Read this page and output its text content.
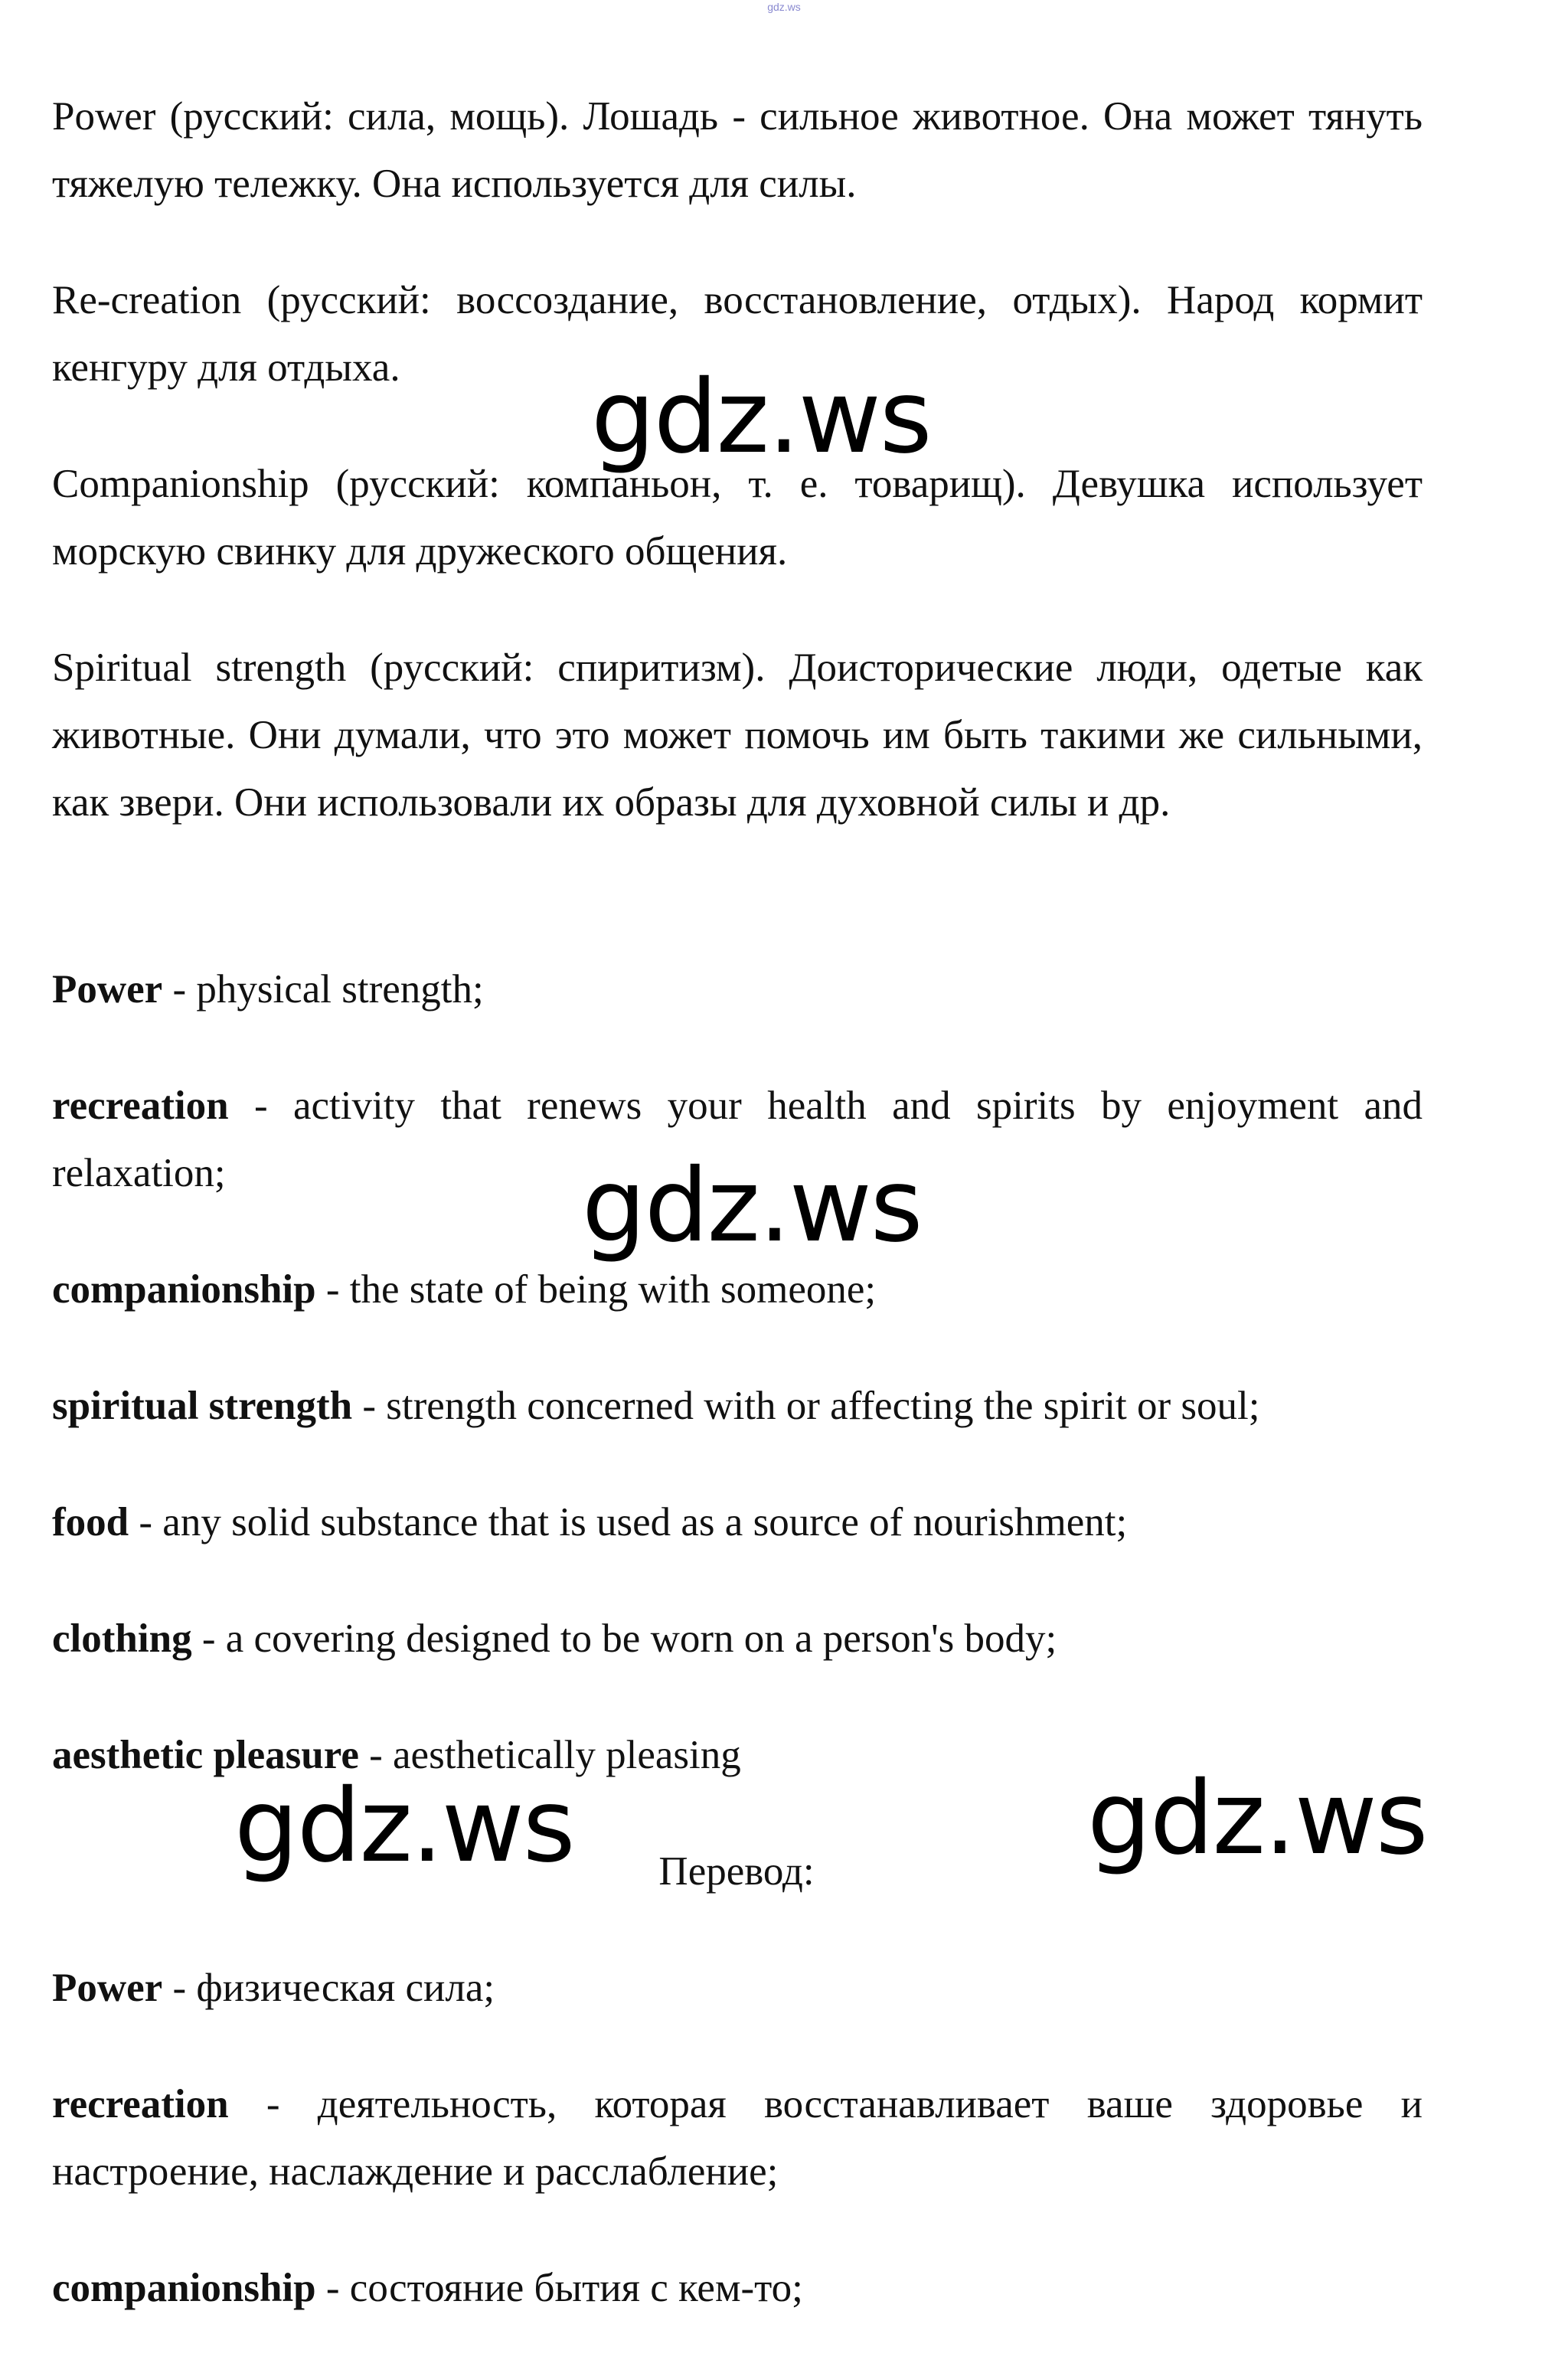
gdz.ws

Power (русский: сила, мощь). Лошадь - сильное животное. Она может тянуть тяжелую тележку. Она используется для силы.

Re-creation (русский: воссоздание, восстановление, отдых). Народ кормит кенгуру для отдыха.

Companionship (русский: компаньон, т. е. товарищ). Девушка использует морскую свинку для дружеского общения.

Spiritual strength (русский: спиритизм). Доисторические люди, одетые как животные. Они думали, что это может помочь им быть такими же сильными, как звери. Они использовали их образы для духовной силы и др.

Power - physical strength;

recreation - activity that renews your health and spirits by enjoyment and relaxation;

companionship - the state of being with someone;

spiritual strength - strength concerned with or affecting the spirit or soul;

food - any solid substance that is used as a source of nourishment;

clothing - a covering designed to be worn on a person's body;

aesthetic pleasure - aesthetically pleasing

Перевод:

Power - физическая сила;

recreation - деятельность, которая восстанавливает ваше здоровье и настроение, наслаждение и расслабление;

companionship - состояние бытия с кем-то;

gdz.ws
gdz.ws
gdz.ws	gdz.ws
